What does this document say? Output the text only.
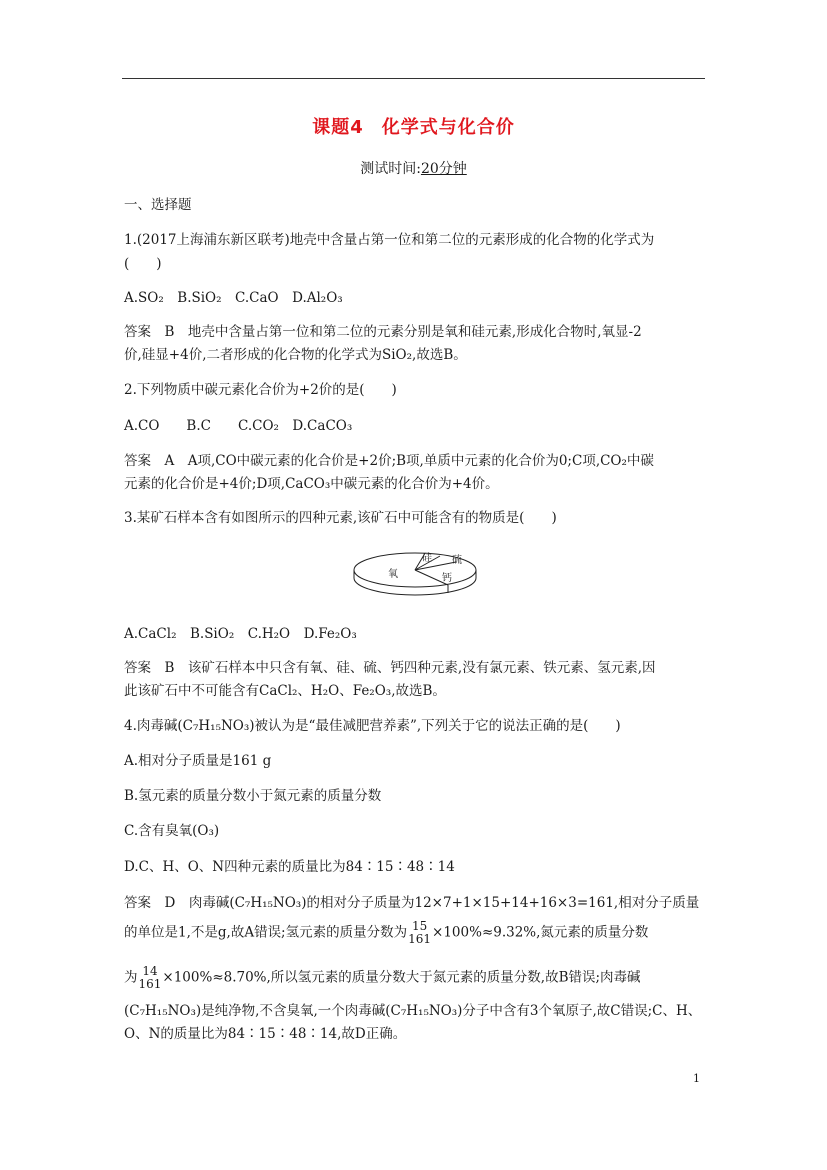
课题4 化学式与化合价
测试时间:20分钟
一、选择题
1.(2017上海浦东新区联考)地壳中含量占第一位和第二位的元素形成的化合物的化学式为
(　　)
A.SO₂　B.SiO₂　C.CaO　D.Al₂O₃
答案　B　地壳中含量占第一位和第二位的元素分别是氧和硅元素,形成化合物时,氧显-2
价,硅显+4价,二者形成的化合物的化学式为SiO₂,故选B。
2.下列物质中碳元素化合价为+2价的是(　　)
A.CO　　B.C　　C.CO₂　D.CaCO₃
答案　A　A项,CO中碳元素的化合价是+2价;B项,单质中元素的化合价为0;C项,CO₂中碳
元素的化合价是+4价;D项,CaCO₃中碳元素的化合价为+4价。
3.某矿石样本含有如图所示的四种元素,该矿石中可能含有的物质是(　　)
氧
硅 硫
钙
A.CaCl₂　B.SiO₂　C.H₂O　D.Fe₂O₃
答案　B　该矿石样本中只含有氧、硅、硫、钙四种元素,没有氯元素、铁元素、氢元素,因
此该矿石中不可能含有CaCl₂、H₂O、Fe₂O₃,故选B。
4.肉毒碱(C₇H₁₅NO₃)被认为是“最佳减肥营养素”,下列关于它的说法正确的是(　　)
A.相对分子质量是161 g
B.氢元素的质量分数小于氮元素的质量分数
C.含有臭氧(O₃)
D.C、H、O、N四种元素的质量比为84∶15∶48∶14
答案　D　肉毒碱(C₇H₁₅NO₃)的相对分子质量为12×7+1×15+14+16×3=161,相对分子质量
的单位是1,不是g,故A错误;氢元素的质量分数为 15
161 ×100%≈9.32%,氮元素的质量分数
为 14
161 ×100%≈8.70%,所以氢元素的质量分数大于氮元素的质量分数,故B错误;肉毒碱
(C₇H₁₅NO₃)是纯净物,不含臭氧,一个肉毒碱(C₇H₁₅NO₃)分子中含有3个氧原子,故C错误;C、H、
O、N的质量比为84∶15∶48∶14,故D正确。
1
